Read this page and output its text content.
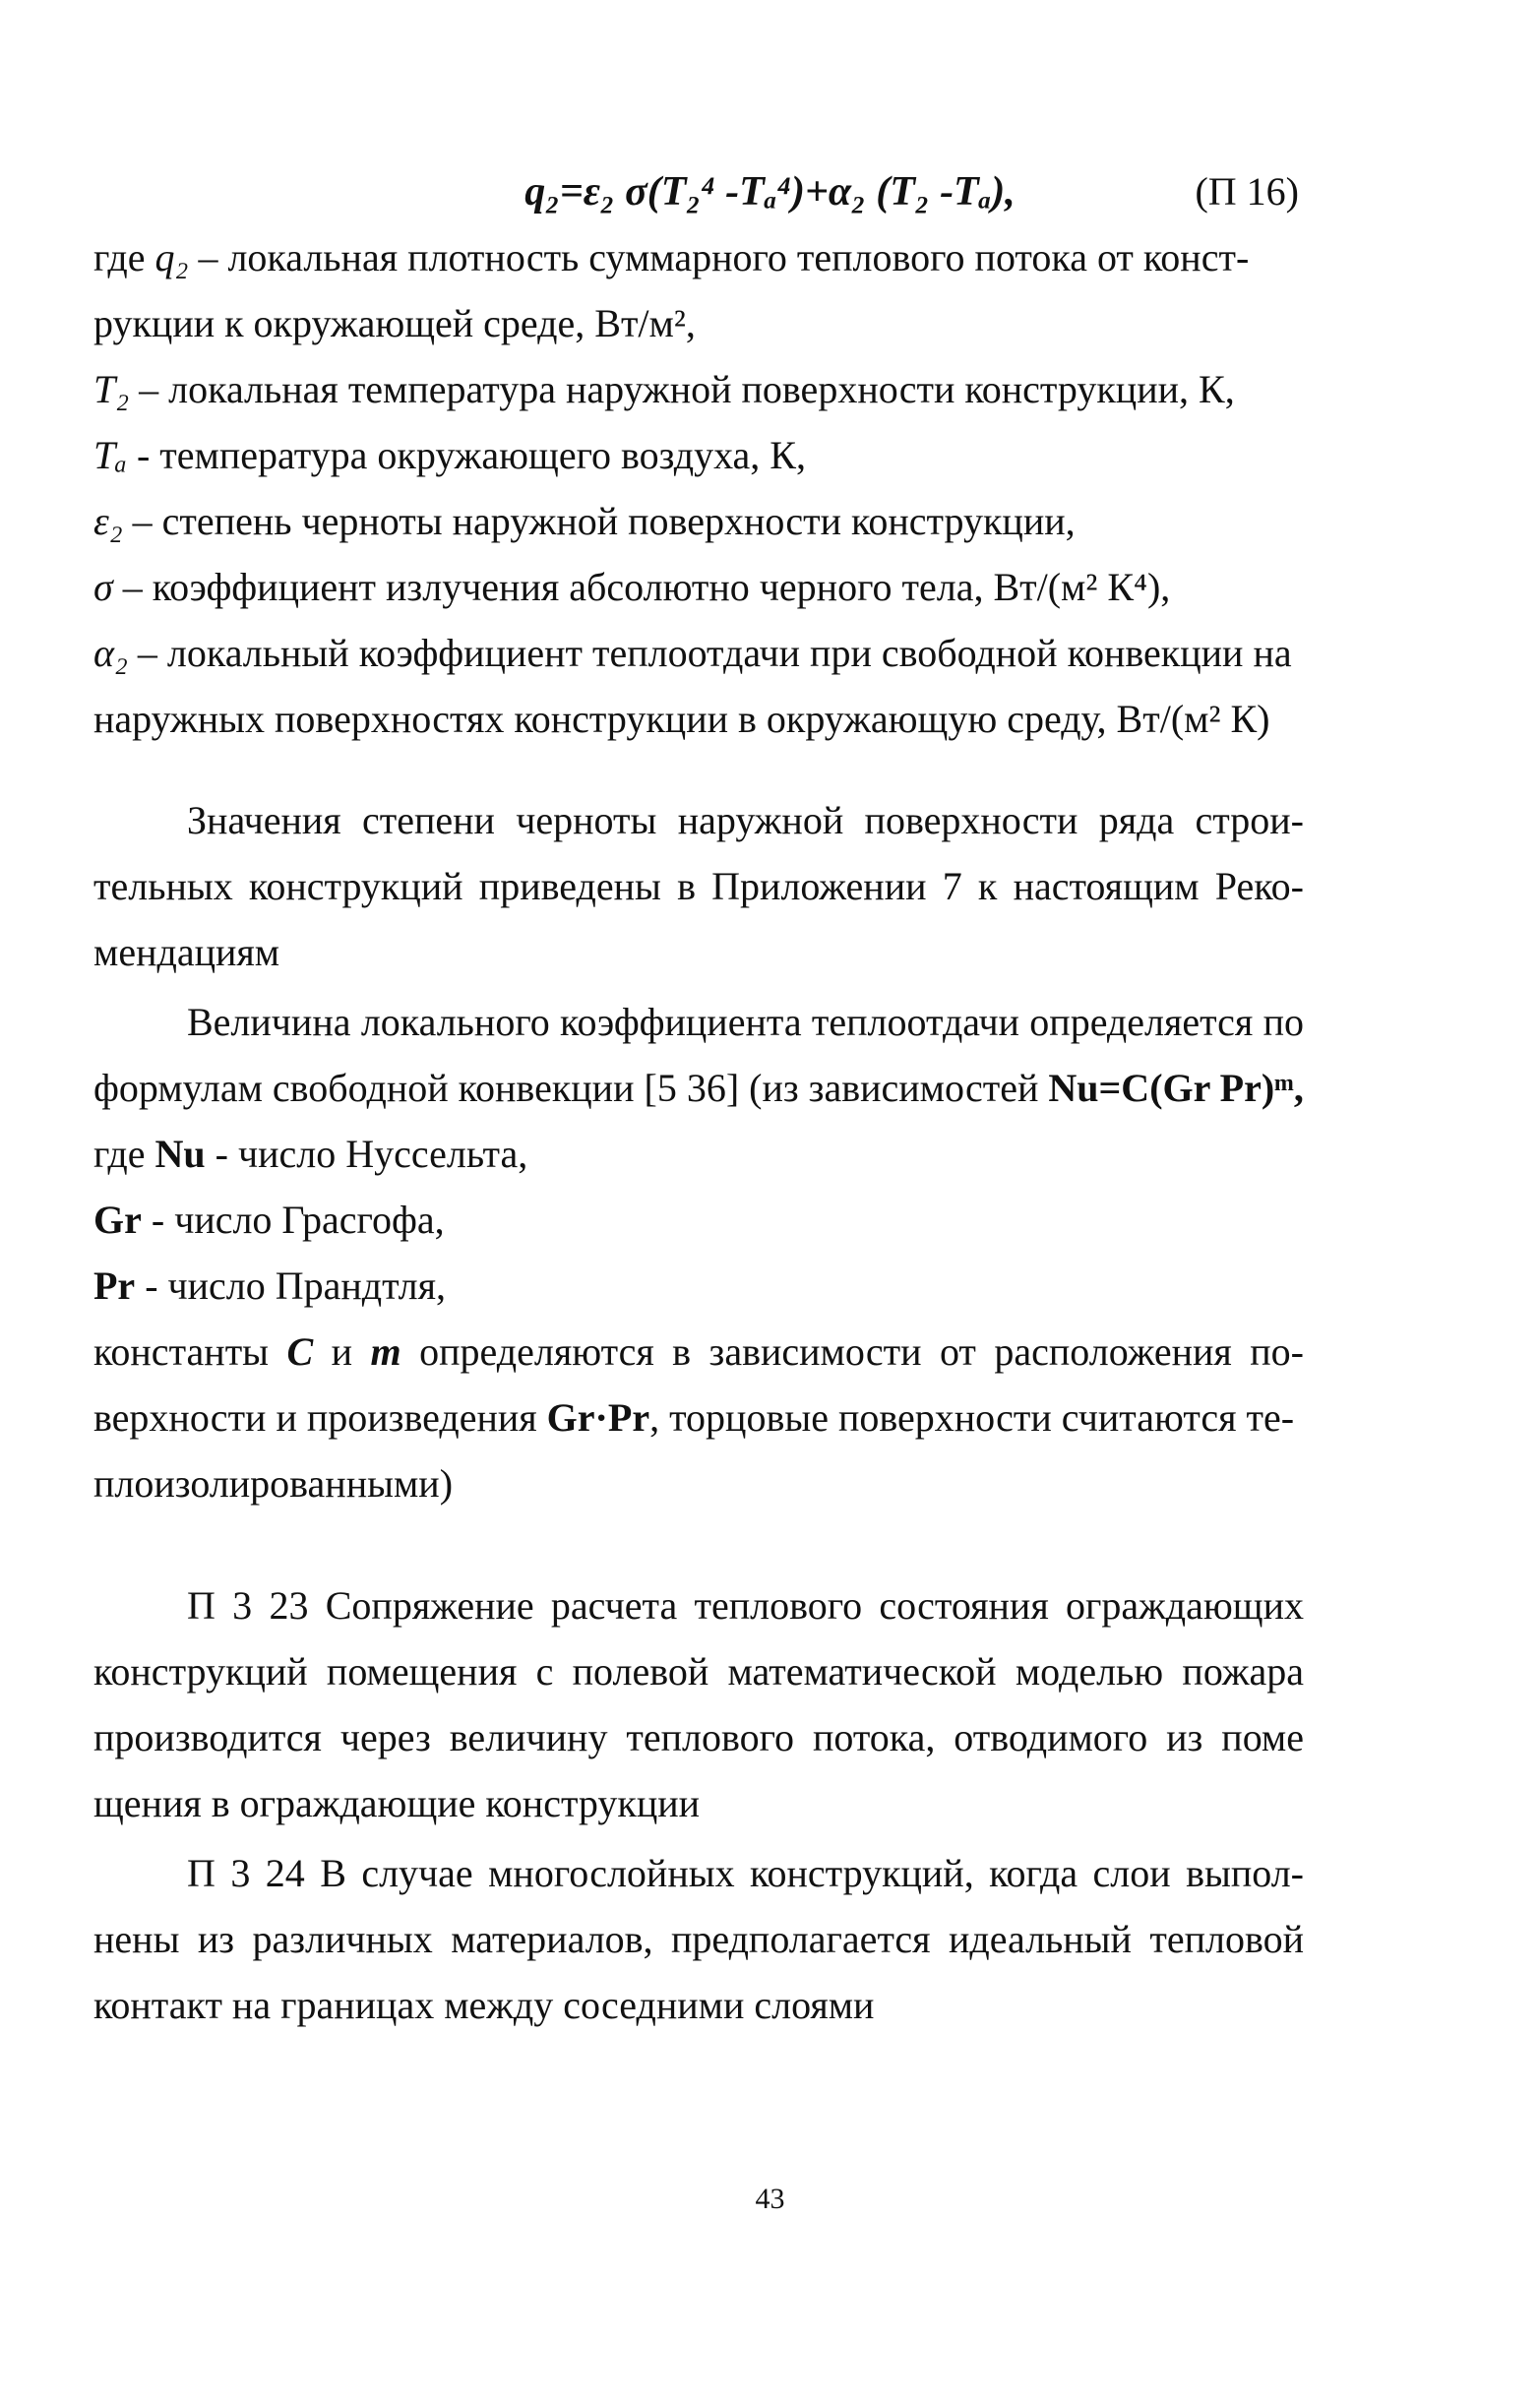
q₂=ε₂ σ(T₂⁴ -Tₐ⁴)+α₂ (T₂ -Tₐ),	(П 16)
где q₂ – локальная плотность суммарного теплового потока от конст-
рукции к окружающей среде, Вт/м²,
T₂ – локальная температура наружной поверхности конструкции, К,
Tₐ - температура окружающего воздуха, К,
ε₂ – степень черноты наружной поверхности конструкции,
σ – коэффициент излучения абсолютно черного тела, Вт/(м² К⁴),
α₂ – локальный коэффициент теплоотдачи при свободной конвекции на
наружных поверхностях конструкции в окружающую среду, Вт/(м² К)
Значения степени черноты наружной поверхности ряда строи-
тельных конструкций приведены в Приложении 7 к настоящим Реко-
мендациям
Величина локального коэффициента теплоотдачи определяется по
формулам свободной конвекции [5 36] (из зависимостей Nu=C(Gr Pr)ᵐ,
где Nu - число Нуссельта,
Gr - число Грасгофа,
Pr - число Прандтля,
константы C и m определяются в зависимости от расположения по-
верхности и произведения Gr·Pr, торцовые поверхности считаются те-
плоизолированными)
П 3 23 Сопряжение расчета теплового состояния ограждающих
конструкций помещения с полевой математической моделью пожара
производится через величину теплового потока, отводимого из поме
щения в ограждающие конструкции
П 3 24 В случае многослойных конструкций, когда слои выпол-
нены из различных материалов, предполагается идеальный тепловой
контакт на границах между соседними слоями
43
